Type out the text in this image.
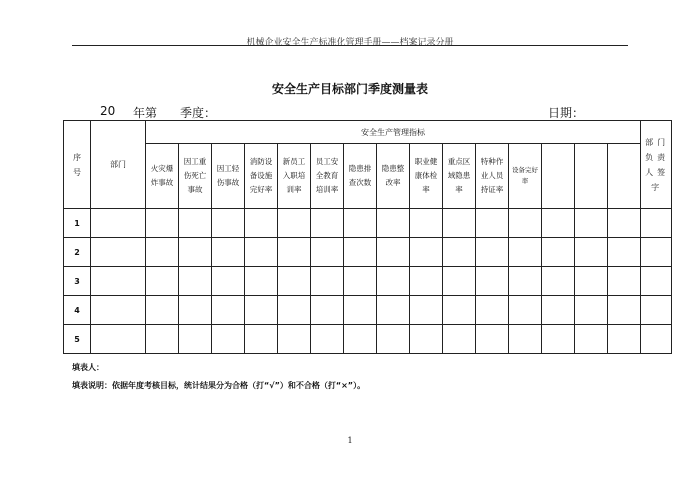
机械企业安全生产标准化管理手册——档案记录分册
安全生产目标部门季度测量表
20 年第 季度：	日期：
序号	部门	安全生产管理指标															部门负责人签字
		火灾爆炸事故	因工重伤死亡事故	因工轻伤事故	消防设备设施完好率	新员工入职培训率	员工安全教育培训率	隐患排查次数	隐患整改率	职业健康体检率	重点区域隐患率	特种作业人员持证率	设备完好率				
1																	
2																	
3																	
4																	
5																	
填表人：
填表说明：依据年度考核目标，统计结果分为合格（打“√”）和不合格（打“×”）。
1
